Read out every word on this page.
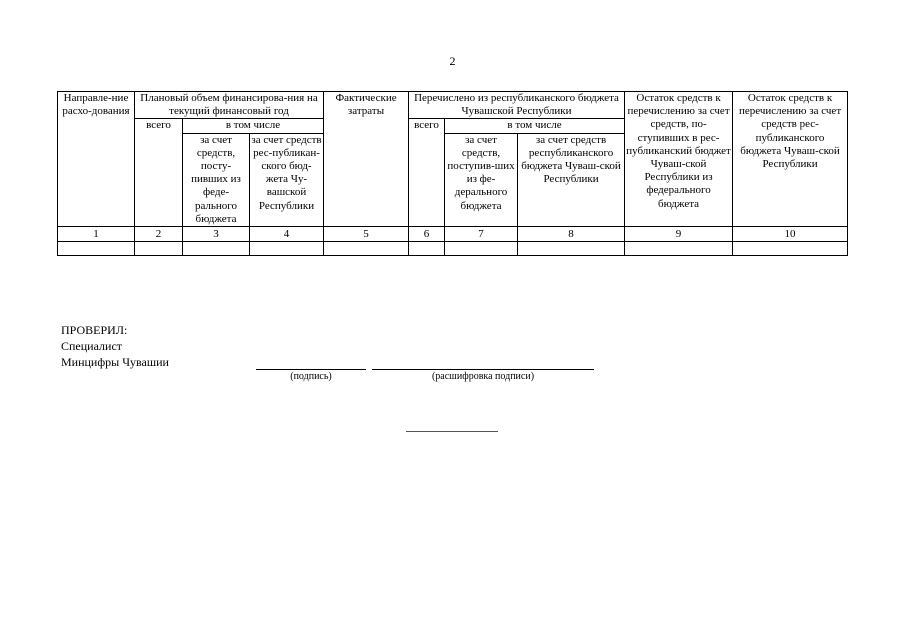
2
Направле-ние расхо-дования	Плановый объем финансирова-ния на текущий финансовый год			Фактические затраты	Перечислено из республиканского бюджета Чувашской Республики			Остаток средств к перечислению за счет средств, по-ступивших в рес-публиканский бюджет Чуваш-ской Республики из федерального бюджета	Остаток средств к перечислению за счет средств рес-публиканского бюджета Чуваш-ской Республики
	всего	в том числе			всего	в том числе			
		за счет средств, посту-пивших из феде-рального бюджета	за счет средств рес-публикан-ского бюд-жета Чу-вашской Республики			за счет средств, поступив-ших из фе-дерального бюджета	за счет средств республиканского бюджета Чуваш-ской Республики		
1	2	3	4	5	6	7	8	9	10

ПРОВЕРИЛ:
Специалист
Минцифры Чувашии
(подпись)	(расшифровка подписи)
